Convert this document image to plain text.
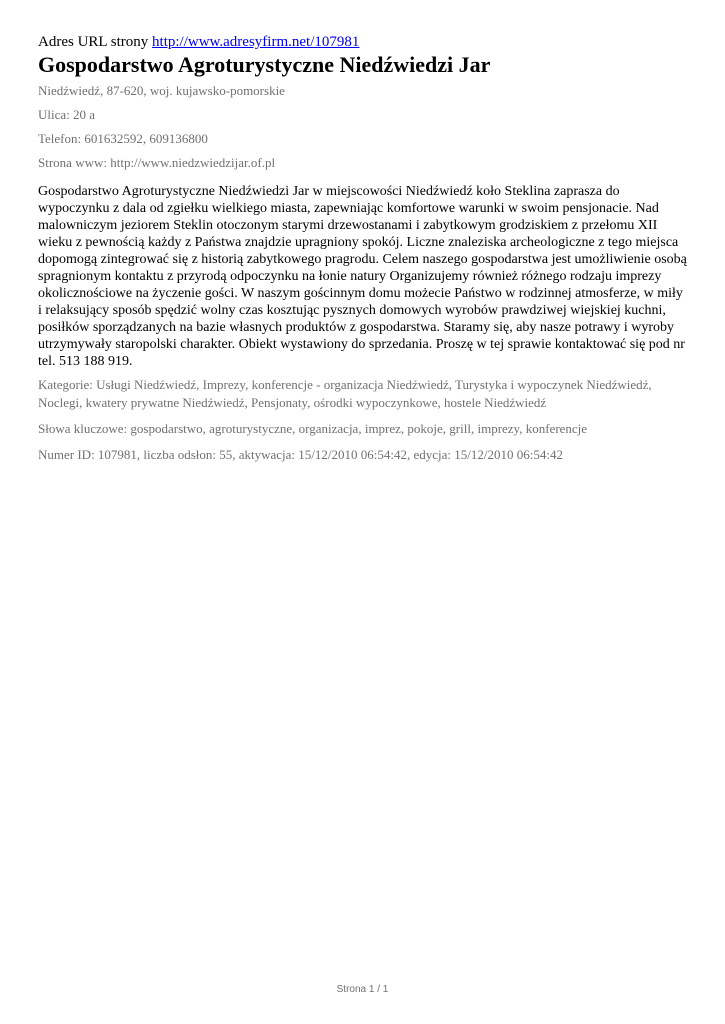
Adres URL strony http://www.adresyfirm.net/107981

Gospodarstwo Agroturystyczne Niedźwiedzi Jar

Niedźwiedź, 87-620, woj. kujawsko-pomorskie

Ulica: 20 a

Telefon: 601632592, 609136800

Strona www: http://www.niedzwiedzijar.of.pl

Gospodarstwo Agroturystyczne Niedźwiedzi Jar w miejscowości Niedźwiedź koło Steklina zaprasza do wypoczynku z dala od zgiełku wielkiego miasta, zapewniając komfortowe warunki w swoim pensjonacie. Nad malowniczym jeziorem Steklin otoczonym starymi drzewostanami i zabytkowym grodziskiem z przełomu XII wieku z pewnością każdy z Państwa znajdzie upragniony spokój. Liczne znaleziska archeologiczne z tego miejsca dopomogą zintegrować się z historią zabytkowego pragrodu. Celem naszego gospodarstwa jest umożliwienie osobą spragnionym kontaktu z przyrodą odpoczynku na łonie natury Organizujemy również różnego rodzaju imprezy okolicznościowe na życzenie gości. W naszym gościnnym domu możecie Państwo w rodzinnej atmosferze, w miły i relaksujący sposób spędzić wolny czas kosztując pysznych domowych wyrobów prawdziwej wiejskiej kuchni, posiłków sporządzanych na bazie własnych produktów z gospodarstwa. Staramy się, aby nasze potrawy i wyroby utrzymywały staropolski charakter. Obiekt wystawiony do sprzedania. Proszę w tej sprawie kontaktować się pod nr tel. 513 188 919.

Kategorie: Usługi Niedźwiedź, Imprezy, konferencje - organizacja Niedźwiedź, Turystyka i wypoczynek Niedźwiedź, Noclegi, kwatery prywatne Niedźwiedź, Pensjonaty, ośrodki wypoczynkowe, hostele Niedźwiedź

Słowa kluczowe: gospodarstwo, agroturystyczne, organizacja, imprez, pokoje, grill, imprezy, konferencje

Numer ID: 107981, liczba odsłon: 55, aktywacja: 15/12/2010 06:54:42, edycja: 15/12/2010 06:54:42

Strona 1 / 1
